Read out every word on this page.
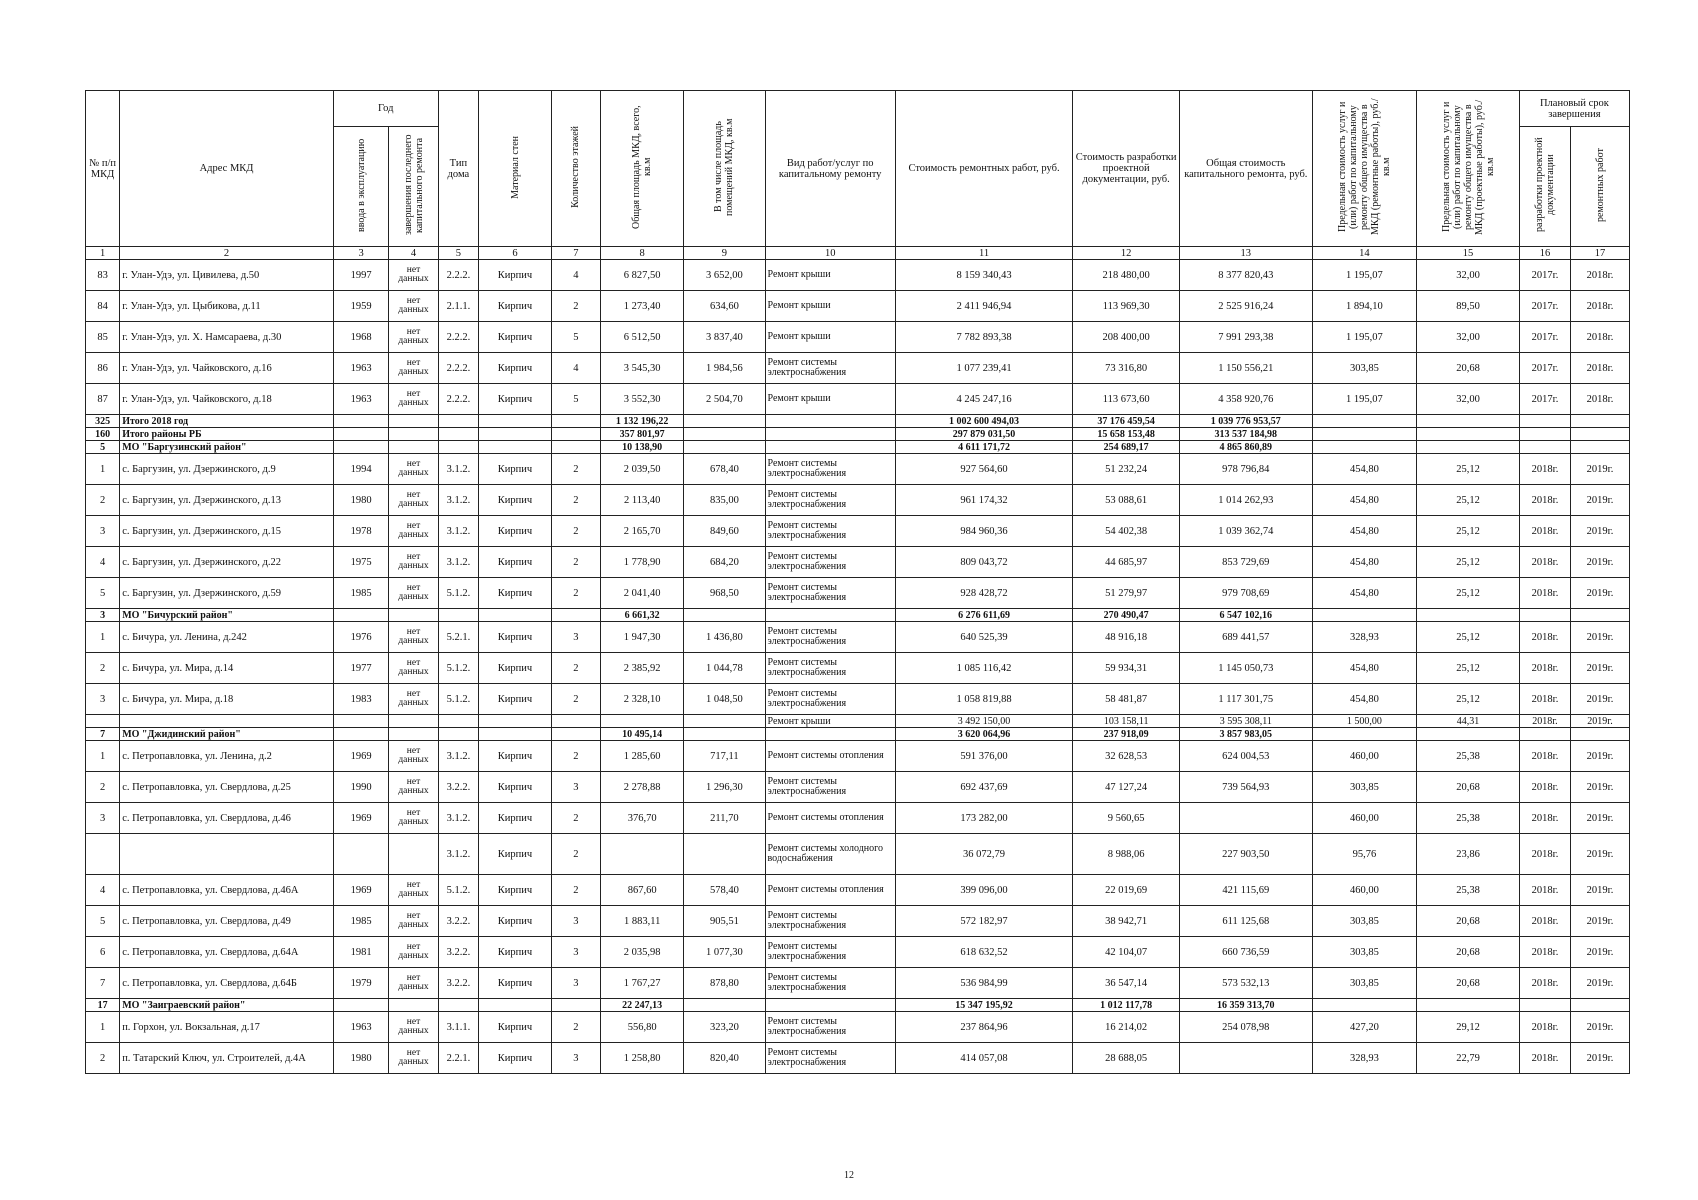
№ п/п МКД	Адрес МКД	Год		Тип дома	Материал стен	Количество этажей	Общая площадь МКД, всего, кв.м	В том числе площадь помещений МКД, кв.м	Вид работ/услуг по капитальному ремонту	Стоимость ремонтных работ, руб.	Стоимость разработки проектной документации, руб.	Общая стоимость капитального ремонта, руб.	Предельная стоимость услуг и (или) работ по капитальному ремонту общего имущества в МКД (ремонтные работы), руб./кв.м	Предельная стоимость услуг и (или) работ по капитальному ремонту общего имущества в МКД (проектные работы), руб./кв.м	Плановый срок завершения	
		ввода в эксплуатацию	завершения последнего капитального ремонта												разработки проектной документации	ремонтных работ
1	2	3	4	5	6	7	8	9	10	11	12	13	14	15	16	17
83	г. Улан-Удэ, ул. Цивилева, д.50	1997	нет данных	2.2.2.	Кирпич	4	6 827,50	3 652,00	Ремонт крыши	8 159 340,43	218 480,00	8 377 820,43	1 195,07	32,00	2017г.	2018г.
84	г. Улан-Удэ, ул. Цыбикова, д.11	1959	нет данных	2.1.1.	Кирпич	2	1 273,40	634,60	Ремонт крыши	2 411 946,94	113 969,30	2 525 916,24	1 894,10	89,50	2017г.	2018г.
85	г. Улан-Удэ, ул. Х. Намсараева, д.30	1968	нет данных	2.2.2.	Кирпич	5	6 512,50	3 837,40	Ремонт крыши	7 782 893,38	208 400,00	7 991 293,38	1 195,07	32,00	2017г.	2018г.
86	г. Улан-Удэ, ул. Чайковского, д.16	1963	нет данных	2.2.2.	Кирпич	4	3 545,30	1 984,56	Ремонт системы электроснабжения	1 077 239,41	73 316,80	1 150 556,21	303,85	20,68	2017г.	2018г.
87	г. Улан-Удэ, ул. Чайковского, д.18	1963	нет данных	2.2.2.	Кирпич	5	3 552,30	2 504,70	Ремонт крыши	4 245 247,16	113 673,60	4 358 920,76	1 195,07	32,00	2017г.	2018г.
325	Итого 2018 год						1 132 196,22			1 002 600 494,03	37 176 459,54	1 039 776 953,57				
160	Итого районы РБ						357 801,97			297 879 031,50	15 658 153,48	313 537 184,98				
5	МО "Баргузинский район"						10 138,90			4 611 171,72	254 689,17	4 865 860,89				
1	с. Баргузин, ул. Дзержинского, д.9	1994	нет данных	3.1.2.	Кирпич	2	2 039,50	678,40	Ремонт системы электроснабжения	927 564,60	51 232,24	978 796,84	454,80	25,12	2018г.	2019г.
2	с. Баргузин, ул. Дзержинского, д.13	1980	нет данных	3.1.2.	Кирпич	2	2 113,40	835,00	Ремонт системы электроснабжения	961 174,32	53 088,61	1 014 262,93	454,80	25,12	2018г.	2019г.
3	с. Баргузин, ул. Дзержинского, д.15	1978	нет данных	3.1.2.	Кирпич	2	2 165,70	849,60	Ремонт системы электроснабжения	984 960,36	54 402,38	1 039 362,74	454,80	25,12	2018г.	2019г.
4	с. Баргузин, ул. Дзержинского, д.22	1975	нет данных	3.1.2.	Кирпич	2	1 778,90	684,20	Ремонт системы электроснабжения	809 043,72	44 685,97	853 729,69	454,80	25,12	2018г.	2019г.
5	с. Баргузин, ул. Дзержинского, д.59	1985	нет данных	5.1.2.	Кирпич	2	2 041,40	968,50	Ремонт системы электроснабжения	928 428,72	51 279,97	979 708,69	454,80	25,12	2018г.	2019г.
3	МО "Бичурский район"						6 661,32			6 276 611,69	270 490,47	6 547 102,16				
1	с. Бичура, ул. Ленина, д.242	1976	нет данных	5.2.1.	Кирпич	3	1 947,30	1 436,80	Ремонт системы электроснабжения	640 525,39	48 916,18	689 441,57	328,93	25,12	2018г.	2019г.
2	с. Бичура, ул. Мира, д.14	1977	нет данных	5.1.2.	Кирпич	2	2 385,92	1 044,78	Ремонт системы электроснабжения	1 085 116,42	59 934,31	1 145 050,73	454,80	25,12	2018г.	2019г.
3	с. Бичура, ул. Мира, д.18	1983	нет данных	5.1.2.	Кирпич	2	2 328,10	1 048,50	Ремонт системы электроснабжения	1 058 819,88	58 481,87	1 117 301,75	454,80	25,12	2018г.	2019г.
									Ремонт крыши	3 492 150,00	103 158,11	3 595 308,11	1 500,00	44,31	2018г.	2019г.
7	МО "Джидинский район"						10 495,14			3 620 064,96	237 918,09	3 857 983,05				
1	с. Петропавловка, ул. Ленина, д.2	1969	нет данных	3.1.2.	Кирпич	2	1 285,60	717,11	Ремонт системы отопления	591 376,00	32 628,53	624 004,53	460,00	25,38	2018г.	2019г.
2	с. Петропавловка, ул. Свердлова, д.25	1990	нет данных	3.2.2.	Кирпич	3	2 278,88	1 296,30	Ремонт системы электроснабжения	692 437,69	47 127,24	739 564,93	303,85	20,68	2018г.	2019г.
3	с. Петропавловка, ул. Свердлова, д.46	1969	нет данных	3.1.2.	Кирпич	2	376,70	211,70	Ремонт системы отопления	173 282,00	9 560,65		460,00	25,38	2018г.	2019г.
				3.1.2.	Кирпич	2			Ремонт системы холодного водоснабжения	36 072,79	8 988,06	227 903,50	95,76	23,86	2018г.	2019г.
4	с. Петропавловка, ул. Свердлова, д.46А	1969	нет данных	5.1.2.	Кирпич	2	867,60	578,40	Ремонт системы отопления	399 096,00	22 019,69	421 115,69	460,00	25,38	2018г.	2019г.
5	с. Петропавловка, ул. Свердлова, д.49	1985	нет данных	3.2.2.	Кирпич	3	1 883,11	905,51	Ремонт системы электроснабжения	572 182,97	38 942,71	611 125,68	303,85	20,68	2018г.	2019г.
6	с. Петропавловка, ул. Свердлова, д.64А	1981	нет данных	3.2.2.	Кирпич	3	2 035,98	1 077,30	Ремонт системы электроснабжения	618 632,52	42 104,07	660 736,59	303,85	20,68	2018г.	2019г.
7	с. Петропавловка, ул. Свердлова, д.64Б	1979	нет данных	3.2.2.	Кирпич	3	1 767,27	878,80	Ремонт системы электроснабжения	536 984,99	36 547,14	573 532,13	303,85	20,68	2018г.	2019г.
17	МО "Заиграевский район"						22 247,13			15 347 195,92	1 012 117,78	16 359 313,70				
1	п. Горхон, ул. Вокзальная, д.17	1963	нет данных	3.1.1.	Кирпич	2	556,80	323,20	Ремонт системы электроснабжения	237 864,96	16 214,02	254 078,98	427,20	29,12	2018г.	2019г.
2	п. Татарский Ключ, ул. Строителей, д.4А	1980	нет данных	2.2.1.	Кирпич	3	1 258,80	820,40	Ремонт системы электроснабжения	414 057,08	28 688,05		328,93	22,79	2018г.	2019г.
12
